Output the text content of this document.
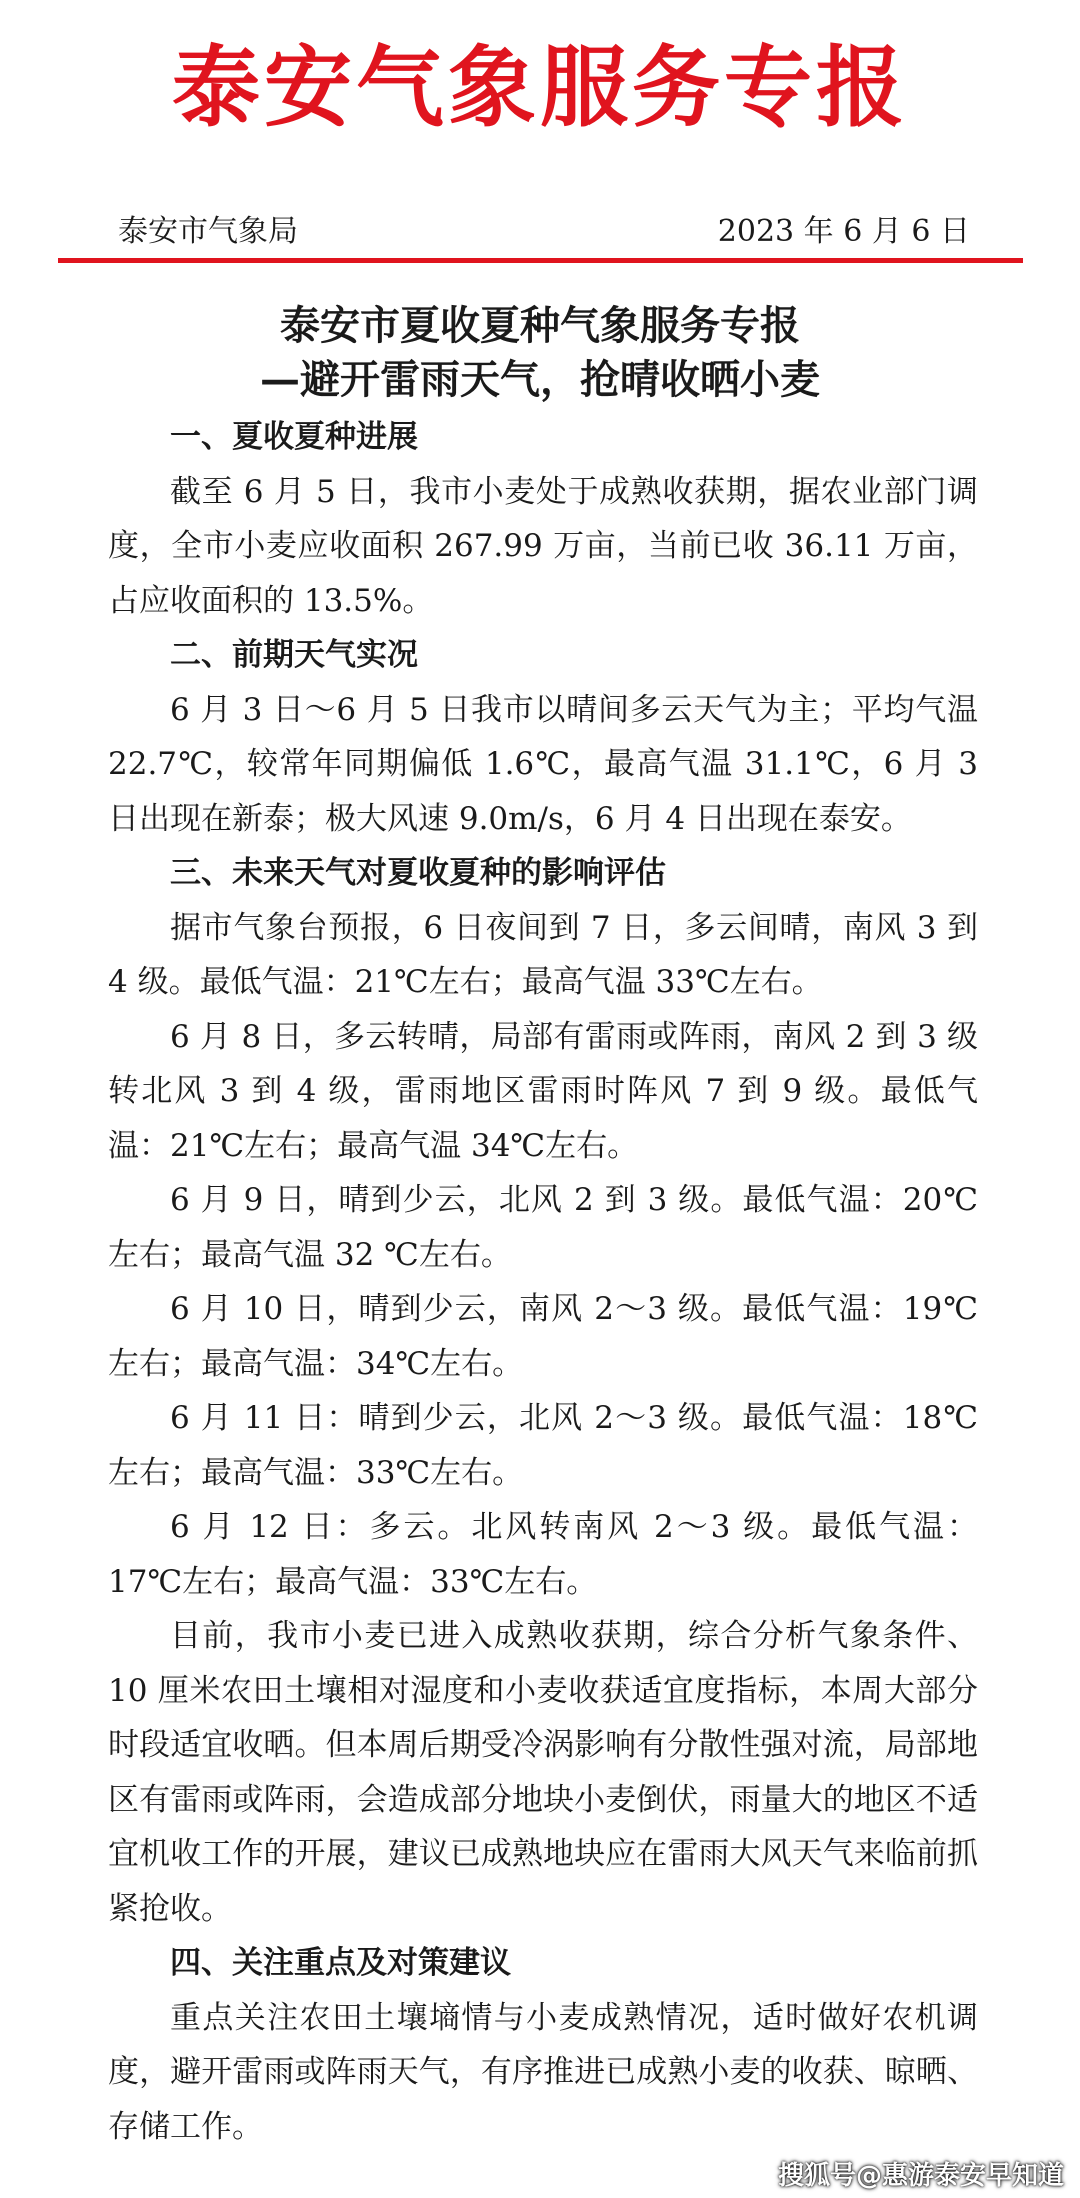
泰安气象服务专报
泰安市气象局	2023 年 6 月 6 日
泰安市夏收夏种气象服务专报
—避开雷雨天气，抢晴收晒小麦
一、夏收夏种进展

截至 6 月 5 日，我市小麦处于成熟收获期，据农业部门调度，全市小麦应收面积 267.99 万亩，当前已收 36.11 万亩，占应收面积的 13.5%。

二、前期天气实况

6 月 3 日～6 月 5 日我市以晴间多云天气为主；平均气温 22.7℃，较常年同期偏低 1.6℃，最高气温 31.1℃，6 月 3 日出现在新泰；极大风速 9.0m/s，6 月 4 日出现在泰安。

三、未来天气对夏收夏种的影响评估

据市气象台预报，6 日夜间到 7 日，多云间晴，南风 3 到 4 级。最低气温：21℃左右；最高气温 33℃左右。

6 月 8 日，多云转晴，局部有雷雨或阵雨，南风 2 到 3 级转北风 3 到 4 级，雷雨地区雷雨时阵风 7 到 9 级。最低气温：21℃左右；最高气温 34℃左右。

6 月 9 日，晴到少云，北风 2 到 3 级。最低气温：20℃左右；最高气温 32 ℃左右。

6 月 10 日，晴到少云，南风 2～3 级。最低气温：19℃左右；最高气温：34℃左右。

6 月 11 日：晴到少云，北风 2～3 级。最低气温：18℃左右；最高气温：33℃左右。

6 月 12 日：多云。北风转南风 2～3 级。最低气温：17℃左右；最高气温：33℃左右。

目前，我市小麦已进入成熟收获期，综合分析气象条件、10 厘米农田土壤相对湿度和小麦收获适宜度指标，本周大部分时段适宜收晒。但本周后期受冷涡影响有分散性强对流，局部地区有雷雨或阵雨，会造成部分地块小麦倒伏，雨量大的地区不适宜机收工作的开展，建议已成熟地块应在雷雨大风天气来临前抓紧抢收。

四、关注重点及对策建议

重点关注农田土壤墒情与小麦成熟情况，适时做好农机调度，避开雷雨或阵雨天气，有序推进已成熟小麦的收获、晾晒、存储工作。

搜狐号@惠游泰安早知道
